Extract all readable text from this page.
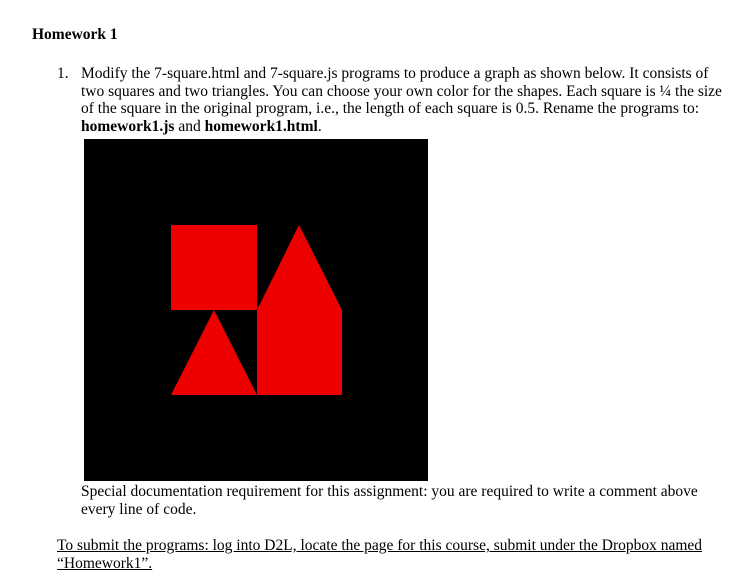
Homework 1
1. Modify the 7-square.html and 7-square.js programs to produce a graph as shown below. It consists of two squares and two triangles. You can choose your own color for the shapes. Each square is ¼ the size of the square in the original program, i.e., the length of each square is 0.5. Rename the programs to: homework1.js and homework1.html.

Special documentation requirement for this assignment: you are required to write a comment above every line of code.

To submit the programs: log into D2L, locate the page for this course, submit under the Dropbox named “Homework1”.
